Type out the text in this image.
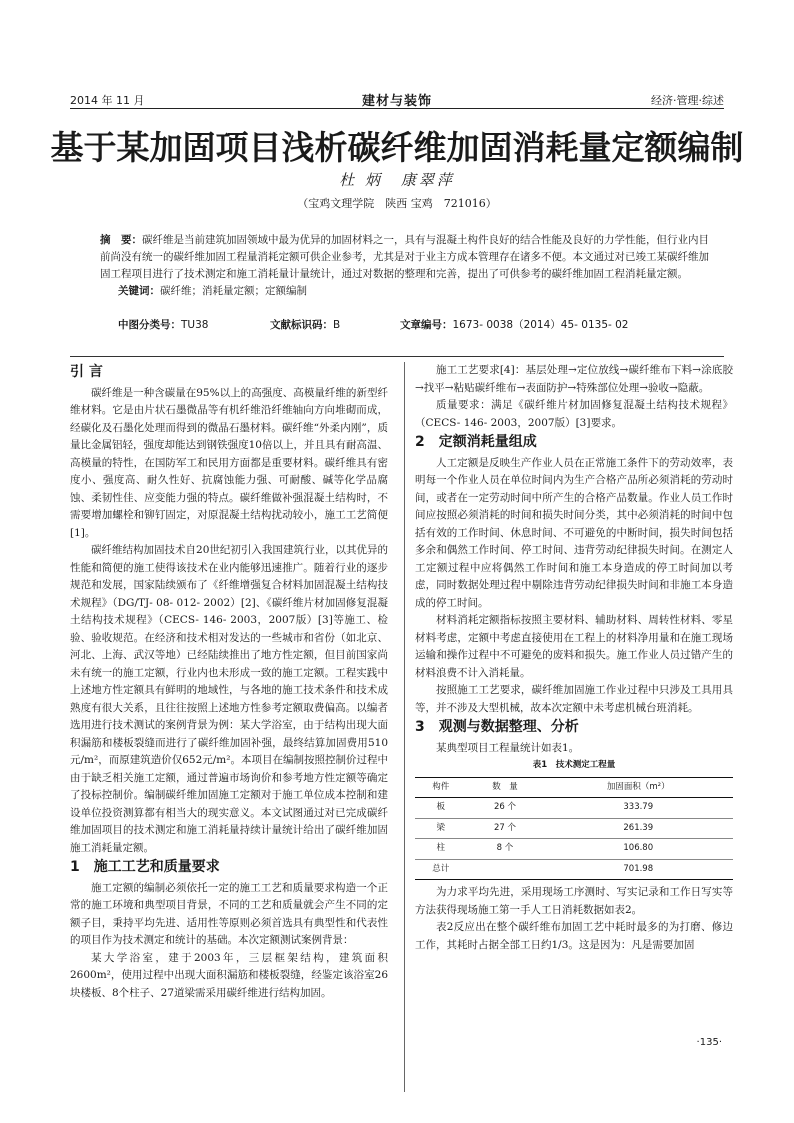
2014 年 11 月	建材与装饰	经济·管理·综述
基于某加固项目浅析碳纤维加固消耗量定额编制
杜 炳　康翠萍
（宝鸡文理学院　陕西 宝鸡　721016）
摘　要：碳纤维是当前建筑加固领域中最为优异的加固材料之一，具有与混凝土构件良好的结合性能及良好的力学性能，但行业内目前尚没有统一的碳纤维加固工程量消耗定额可供企业参考，尤其是对于业主方成本管理存在诸多不便。本文通过对已竣工某碳纤维加固工程项目进行了技术测定和施工消耗量计量统计，通过对数据的整理和完善，提出了可供参考的碳纤维加固工程消耗量定额。
关键词：碳纤维；消耗量定额；定额编制
中图分类号：TU38	文献标识码：B	文章编号：1673- 0038（2014）45- 0135- 02
引 言

碳纤维是一种含碳量在95%以上的高强度、高模量纤维的新型纤维材料。它是由片状石墨微晶等有机纤维沿纤维轴向方向堆砌而成，经碳化及石墨化处理而得到的微晶石墨材料。碳纤维“外柔内刚”，质量比金属铝轻，强度却能达到钢铁强度10倍以上，并且具有耐高温、高模量的特性，在国防军工和民用方面都是重要材料。碳纤维具有密度小、强度高、耐久性好、抗腐蚀能力强、可耐酸、碱等化学品腐蚀、柔韧性佳、应变能力强的特点。碳纤维做补强混凝土结构时，不需要增加螺栓和铆钉固定，对原混凝土结构扰动较小，施工工艺简便[1]。

碳纤维结构加固技术自20世纪初引入我国建筑行业，以其优异的性能和简便的施工使得该技术在业内能够迅速推广。随着行业的逐步规范和发展，国家陆续颁布了《纤维增强复合材料加固混凝土结构技术规程》（DG/TJ- 08- 012- 2002）[2]、《碳纤维片材加固修复混凝土结构技术规程》（CECS- 146- 2003，2007版）[3]等施工、检验、验收规范。在经济和技术相对发达的一些城市和省份（如北京、河北、上海、武汉等地）已经陆续推出了地方性定额，但目前国家尚未有统一的施工定额，行业内也未形成一致的施工定额。工程实践中上述地方性定额具有鲜明的地域性，与各地的施工技术条件和技术成熟度有很大关系，且往往按照上述地方性参考定额取费偏高。以编者选用进行技术测试的案例背景为例：某大学浴室，由于结构出现大面积漏筋和楼板裂缝而进行了碳纤维加固补强，最终结算加固费用510元/m²，而原建筑造价仅652元/m²。本项目在编制按照控制价过程中由于缺乏相关施工定额，通过普遍市场询价和参考地方性定额等确定了投标控制价。编制碳纤维加固施工定额对于施工单位成本控制和建设单位投资测算都有相当大的现实意义。本文试图通过对已完成碳纤维加固项目的技术测定和施工消耗量持续计量统计给出了碳纤维加固施工消耗量定额。

1　施工工艺和质量要求

施工定额的编制必须依托一定的施工工艺和质量要求构造一个正常的施工环境和典型项目背景，不同的工艺和质量就会产生不同的定额子目，秉持平均先进、适用性等原则必须首选具有典型性和代表性的项目作为技术测定和统计的基础。本次定额测试案例背景：

某大学浴室，建于2003年，三层框架结构，建筑面积2600m²，使用过程中出现大面积漏筋和楼板裂缝，经鉴定该浴室26块楼板、8个柱子、27道梁需采用碳纤维进行结构加固。

施工工艺要求[4]：基层处理→定位放线→碳纤维布下料→涂底胶→找平→粘贴碳纤维布→表面防护→特殊部位处理→验收→隐蔽。

质量要求：满足《碳纤维片材加固修复混凝土结构技术规程》（CECS- 146- 2003，2007版）[3]要求。

2　定额消耗量组成

人工定额是反映生产作业人员在正常施工条件下的劳动效率，表明每一个作业人员在单位时间内为生产合格产品所必须消耗的劳动时间，或者在一定劳动时间中所产生的合格产品数量。作业人员工作时间应按照必须消耗的时间和损失时间分类，其中必须消耗的时间中包括有效的工作时间、休息时间、不可避免的中断时间，损失时间包括多余和偶然工作时间、停工时间、违背劳动纪律损失时间。在测定人工定额过程中应将偶然工作时间和施工本身造成的停工时间加以考虑，同时数据处理过程中剔除违背劳动纪律损失时间和非施工本身造成的停工时间。

材料消耗定额指标按照主要材料、辅助材料、周转性材料、零星材料考虑，定额中考虑直接使用在工程上的材料净用量和在施工现场运输和操作过程中不可避免的废料和损失。施工作业人员过错产生的材料浪费不计入消耗量。

按照施工工艺要求，碳纤维加固施工作业过程中只涉及工具用具等，并不涉及大型机械，故本次定额中未考虑机械台班消耗。

3　观测与数据整理、分析

某典型项目工程量统计如表1。

表1　技术测定工程量
构件	数　量	加固面积（m²）
板	26 个	333.79
梁	27 个	261.39
柱	8 个	106.80
总计		701.98

为力求平均先进，采用现场工序测时、写实记录和工作日写实等方法获得现场施工第一手人工日消耗数据如表2。

表2反应出在整个碳纤维布加固工艺中耗时最多的为打磨、修边工作，其耗时占据全部工日约1/3。这是因为：凡是需要加固

·135·
